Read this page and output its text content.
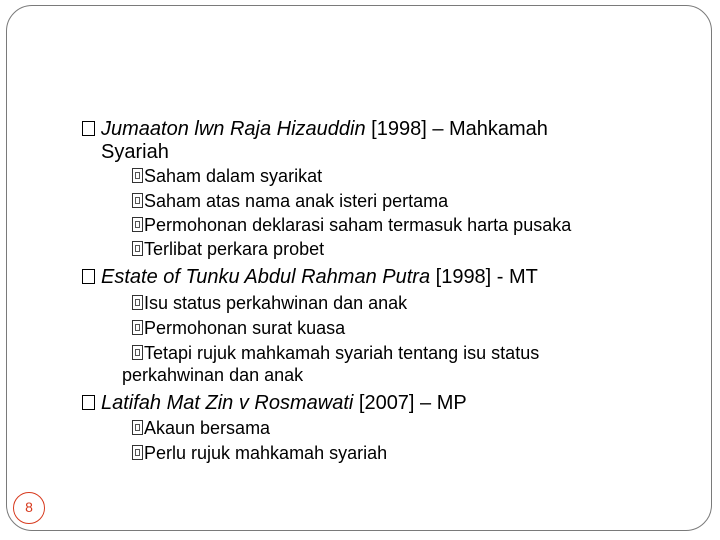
Jumaaton lwn Raja Hizauddin [1998] – Mahkamah
Syariah
Saham dalam syarikat
Saham atas nama anak isteri pertama
Permohonan deklarasi saham termasuk harta pusaka
Terlibat perkara probet
Estate of Tunku Abdul Rahman Putra [1998] - MT
Isu status perkahwinan dan anak
Permohonan surat kuasa
Tetapi rujuk mahkamah syariah tentang isu status
perkahwinan dan anak
Latifah Mat Zin v Rosmawati [2007] – MP
Akaun bersama
Perlu rujuk mahkamah syariah
8
